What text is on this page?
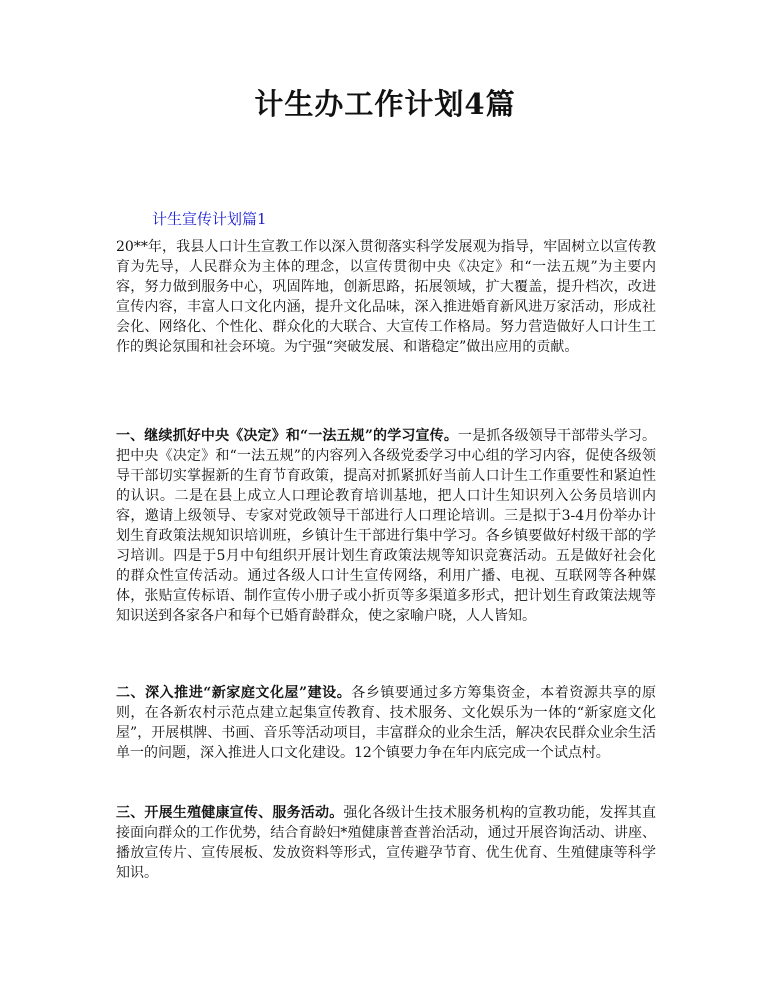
计生办工作计划4篇
计生宣传计划篇1

20**年，我县人口计生宣教工作以深入贯彻落实科学发展观为指导，牢固树立以宣传教育为先导，人民群众为主体的理念，以宣传贯彻中央《决定》和“一法五规”为主要内容，努力做到服务中心，巩固阵地，创新思路，拓展领域，扩大覆盖，提升档次，改进宣传内容，丰富人口文化内涵，提升文化品味，深入推进婚育新风进万家活动，形成社会化、网络化、个性化、群众化的大联合、大宣传工作格局。努力营造做好人口计生工作的舆论氛围和社会环境。为宁强“突破发展、和谐稳定”做出应用的贡献。

一、继续抓好中央《决定》和“一法五规”的学习宣传。一是抓各级领导干部带头学习。把中央《决定》和“一法五规”的内容列入各级党委学习中心组的学习内容，促使各级领导干部切实掌握新的生育节育政策，提高对抓紧抓好当前人口计生工作重要性和紧迫性的认识。二是在县上成立人口理论教育培训基地，把人口计生知识列入公务员培训内容，邀请上级领导、专家对党政领导干部进行人口理论培训。三是拟于3-4月份举办计划生育政策法规知识培训班，乡镇计生干部进行集中学习。各乡镇要做好村级干部的学习培训。四是于5月中旬组织开展计划生育政策法规等知识竞赛活动。五是做好社会化的群众性宣传活动。通过各级人口计生宣传网络，利用广播、电视、互联网等各种媒体，张贴宣传标语、制作宣传小册子或小折页等多渠道多形式，把计划生育政策法规等知识送到各家各户和每个已婚育龄群众，使之家喻户晓，人人皆知。

二、深入推进“新家庭文化屋”建设。各乡镇要通过多方筹集资金，本着资源共享的原则，在各新农村示范点建立起集宣传教育、技术服务、文化娱乐为一体的“新家庭文化屋”，开展棋牌、书画、音乐等活动项目，丰富群众的业余生活，解决农民群众业余生活单一的问题，深入推进人口文化建设。12个镇要力争在年内底完成一个试点村。

三、开展生殖健康宣传、服务活动。强化各级计生技术服务机构的宣教功能，发挥其直接面向群众的工作优势，结合育龄妇*殖健康普查普治活动，通过开展咨询活动、讲座、播放宣传片、宣传展板、发放资料等形式，宣传避孕节育、优生优育、生殖健康等科学知识。
